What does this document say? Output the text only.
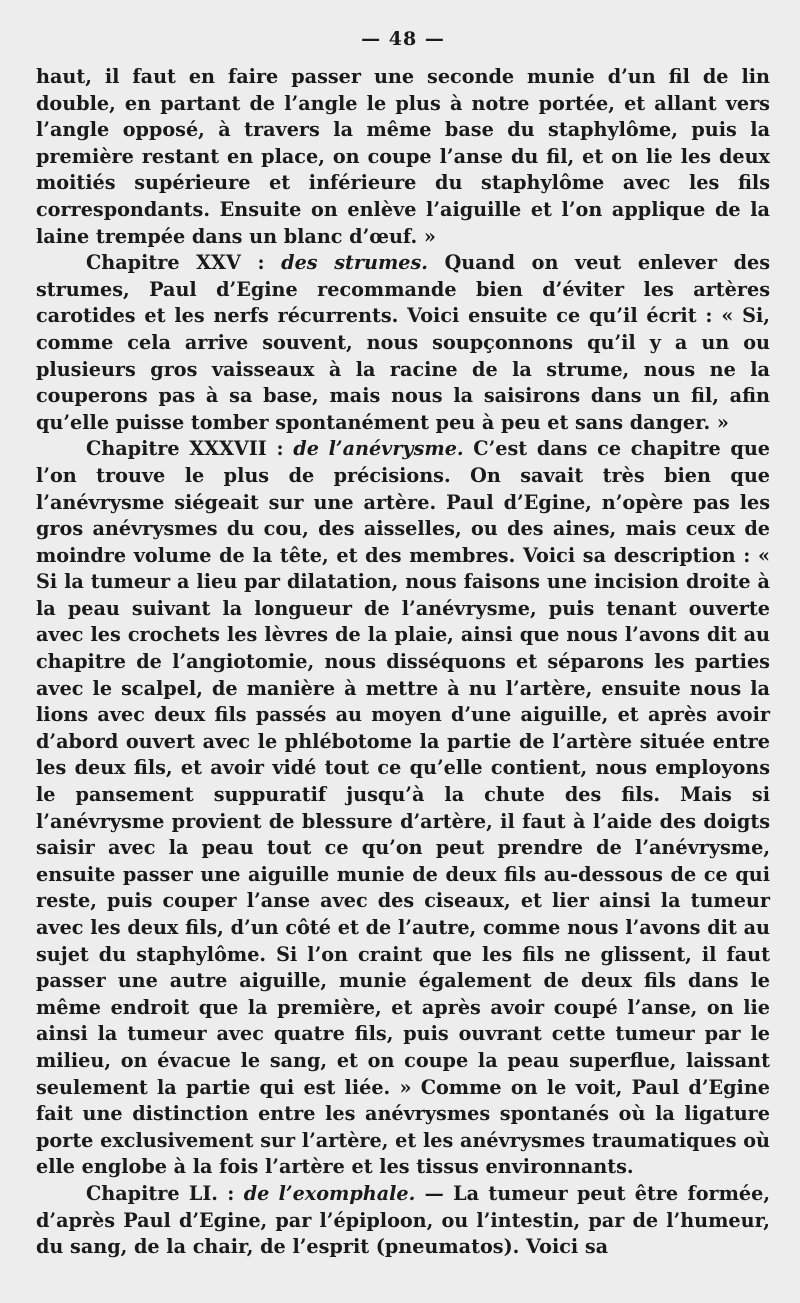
— 48 —

haut, il faut en faire passer une seconde munie d’un fil de lin double, en partant de l’angle le plus à notre portée, et allant vers l’angle opposé, à travers la même base du staphylôme, puis la première restant en place, on coupe l’anse du fil, et on lie les deux moitiés supérieure et inférieure du staphylôme avec les fils correspondants. Ensuite on enlève l’aiguille et l’on applique de la laine trempée dans un blanc d’œuf. »

Chapitre XXV : des strumes. Quand on veut enlever des strumes, Paul d’Egine recommande bien d’éviter les artères carotides et les nerfs récurrents. Voici ensuite ce qu’il écrit : « Si, comme cela arrive souvent, nous soupçonnons qu’il y a un ou plusieurs gros vaisseaux à la racine de la strume, nous ne la couperons pas à sa base, mais nous la saisirons dans un fil, afin qu’elle puisse tomber spontanément peu à peu et sans danger. »

Chapitre XXXVII : de l’anévrysme. C’est dans ce chapitre que l’on trouve le plus de précisions. On savait très bien que l’anévrysme siégeait sur une artère. Paul d’Egine, n’opère pas les gros anévrysmes du cou, des aisselles, ou des aines, mais ceux de moindre volume de la tête, et des membres. Voici sa description : « Si la tumeur a lieu par dilatation, nous faisons une incision droite à la peau suivant la longueur de l’anévrysme, puis tenant ouverte avec les crochets les lèvres de la plaie, ainsi que nous l’avons dit au chapitre de l’angiotomie, nous disséquons et séparons les parties avec le scalpel, de manière à mettre à nu l’artère, ensuite nous la lions avec deux fils passés au moyen d’une aiguille, et après avoir d’abord ouvert avec le phlébotome la partie de l’artère située entre les deux fils, et avoir vidé tout ce qu’elle contient, nous employons le pansement suppuratif jusqu’à la chute des fils. Mais si l’anévrysme provient de blessure d’artère, il faut à l’aide des doigts saisir avec la peau tout ce qu’on peut prendre de l’anévrysme, ensuite passer une aiguille munie de deux fils au-dessous de ce qui reste, puis couper l’anse avec des ciseaux, et lier ainsi la tumeur avec les deux fils, d’un côté et de l’autre, comme nous l’avons dit au sujet du staphylôme. Si l’on craint que les fils ne glissent, il faut passer une autre aiguille, munie également de deux fils dans le même endroit que la première, et après avoir coupé l’anse, on lie ainsi la tumeur avec quatre fils, puis ouvrant cette tumeur par le milieu, on évacue le sang, et on coupe la peau superflue, laissant seulement la partie qui est liée. » Comme on le voit, Paul d’Egine fait une distinction entre les anévrysmes spontanés où la ligature porte exclusivement sur l’artère, et les anévrysmes traumatiques où elle englobe à la fois l’artère et les tissus environnants.

Chapitre LI. : de l’exomphale. — La tumeur peut être formée, d’après Paul d’Egine, par l’épiploon, ou l’intestin, par de l’humeur, du sang, de la chair, de l’esprit (pneumatos). Voici sa
